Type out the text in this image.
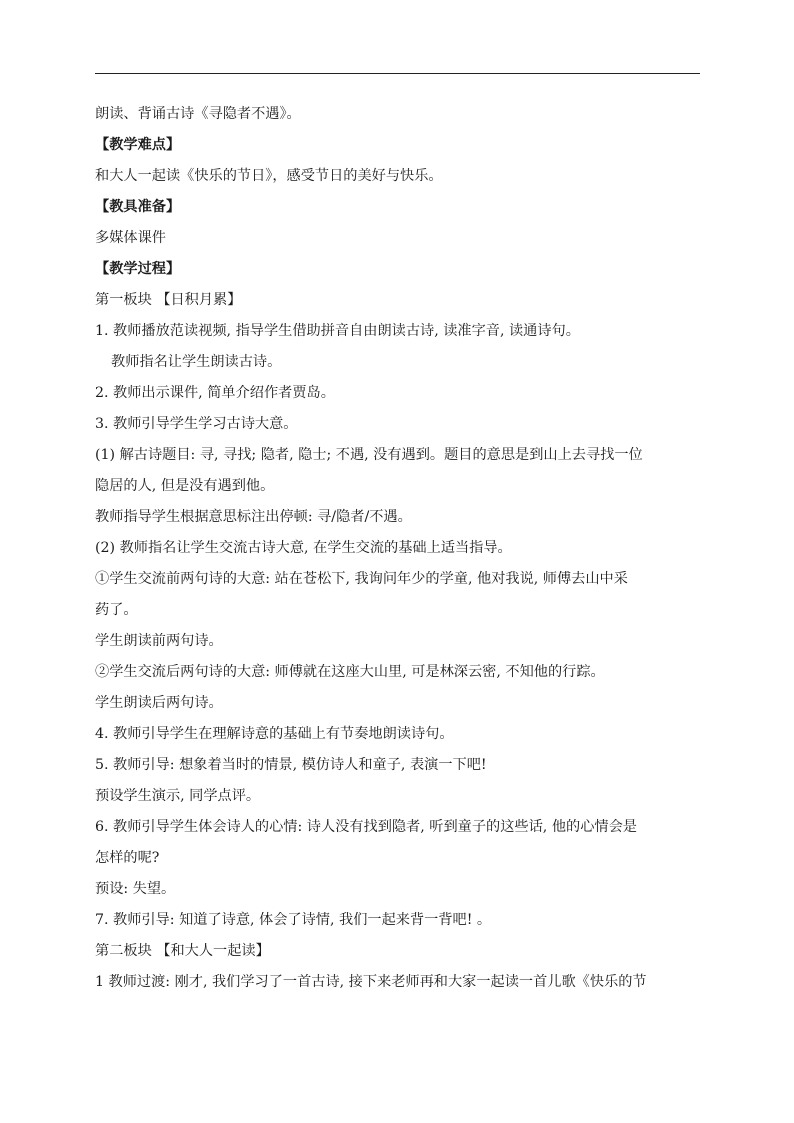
朗读、背诵古诗《寻隐者不遇》。
【教学难点】
和大人一起读《快乐的节日》，感受节日的美好与快乐。
【教具准备】
多媒体课件
【教学过程】
第一板块 【日积月累】
1. 教师播放范读视频, 指导学生借助拼音自由朗读古诗, 读准字音, 读通诗句。
教师指名让学生朗读古诗。
2. 教师出示课件, 简单介绍作者贾岛。
3. 教师引导学生学习古诗大意。
(1) 解古诗题目: 寻, 寻找; 隐者, 隐士; 不遇, 没有遇到。题目的意思是到山上去寻找一位
隐居的人, 但是没有遇到他。
教师指导学生根据意思标注出停顿: 寻/隐者/不遇。
(2) 教师指名让学生交流古诗大意, 在学生交流的基础上适当指导。
①学生交流前两句诗的大意: 站在苍松下, 我询问年少的学童, 他对我说, 师傅去山中采
药了。
学生朗读前两句诗。
②学生交流后两句诗的大意: 师傅就在这座大山里, 可是林深云密, 不知他的行踪。
学生朗读后两句诗。
4. 教师引导学生在理解诗意的基础上有节奏地朗读诗句。
5. 教师引导: 想象着当时的情景, 模仿诗人和童子, 表演一下吧!
预设学生演示, 同学点评。
6. 教师引导学生体会诗人的心情: 诗人没有找到隐者, 听到童子的这些话, 他的心情会是
怎样的呢?
预设: 失望。
7. 教师引导: 知道了诗意, 体会了诗情, 我们一起来背一背吧! 。
第二板块 【和大人一起读】
1 教师过渡: 刚才, 我们学习了一首古诗, 接下来老师再和大家一起读一首儿歌《快乐的节
